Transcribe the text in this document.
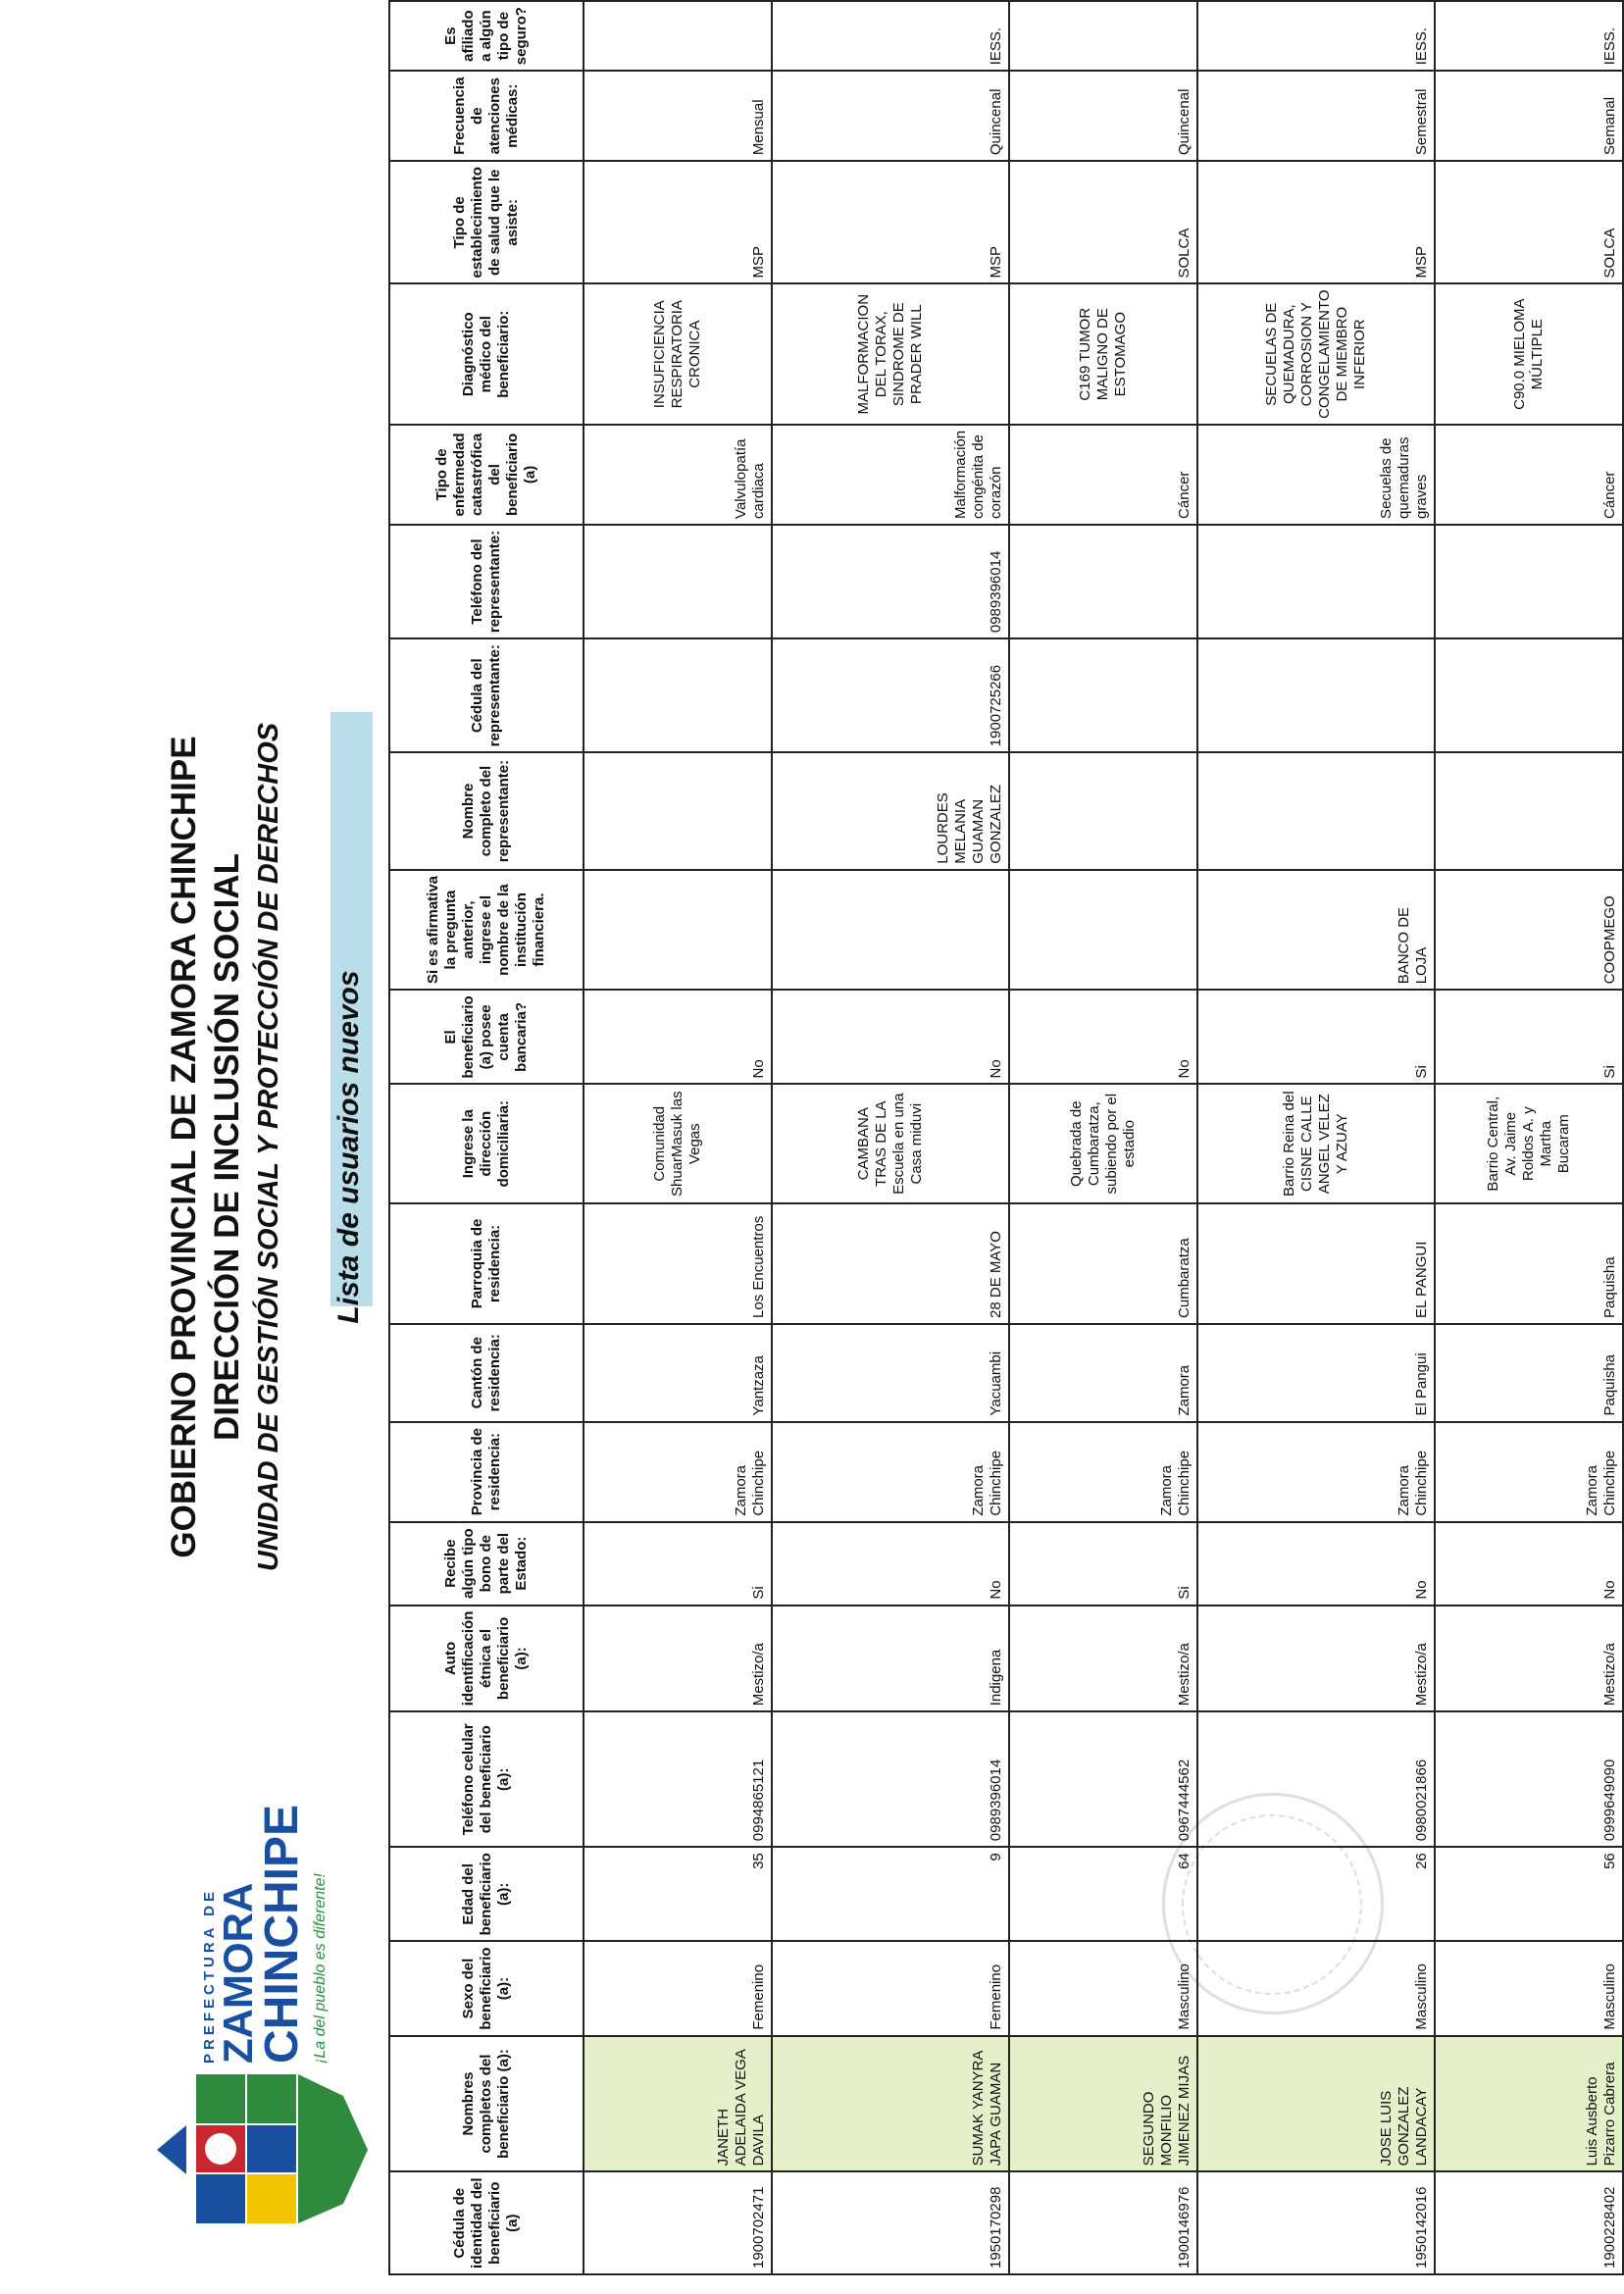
PREFECTURA DE
ZAMORA
CHINCHIPE ¡La del pueblo es diferente!
GOBIERNO PROVINCIAL DE ZAMORA CHINCHIPE DIRECCIÓN DE INCLUSIÓN SOCIAL UNIDAD DE GESTIÓN SOCIAL Y PROTECCIÓN DE DERECHOS Lista de usuarios nuevos
Cédula de identidad del beneficiario (a)	Nombres completos del beneficiario (a):	Sexo del beneficiario (a):	Edad del beneficiario (a):	Teléfono celular del beneficiario (a):	Auto identificación étnica el beneficiario (a):	Recibe algún tipo bono de parte del Estado:	Provincia de residencia:	Cantón de residencia:	Parroquia de residencia:	Ingrese la dirección domiciliaria:	El beneficiario (a) posee cuenta bancaria?	Si es afirmativa la pregunta anterior, ingrese el nombre de la institución financiera.	Nombre completo del representante:	Cédula del representante:	Teléfono del representante:	Tipo de enfermedad catastrófica del beneficiario (a)	Diagnóstico médico del beneficiario:	Tipo de establecimiento de salud que le asiste:	Frecuencia de atenciones médicas:	Es afiliado a algún tipo de seguro?
1900702471	JANETH ADELAIDA VEGA DAVILA	Femenino	35	0994865121	Mestizo/a	Si	Zamora Chinchipe	Yantzaza	Los Encuentros	Comunidad ShuarMasuk las Vegas	No					Valvulopatía cardiaca	INSUFICIENCIA RESPIRATORIA CRONICA	MSP	Mensual	
1950170298	SUMAK YANYRA JAPA GUAMAN	Femenino	9	0989396014	Indigena	No	Zamora Chinchipe	Yacuambi	28 DE MAYO	CAMBANA TRAS DE LA Escuela en una Casa miduvi	No		LOURDES MELANIA GUAMAN GONZALEZ	1900725266	0989396014	Malformación congénita de corazón	MALFORMACION DEL TORAX, SINDROME DE PRADER WILL	MSP	Quincenal	IESS.
1900146976	SEGUNDO MONFILIO JIMENEZ MIJAS	Masculino	64	0967444562	Mestizo/a	Si	Zamora Chinchipe	Zamora	Cumbaratza	Quebrada de Cumbaratza, subiendo por el estadio	No					Cáncer	C169 TUMOR MALIGNO DE ESTOMAGO	SOLCA	Quincenal	
1950142016	JOSE LUIS GONZALEZ LANDACAY	Masculino	26	0980021866	Mestizo/a	No	Zamora Chinchipe	El Pangui	EL PANGUI	Barrio Reina del CISNE CALLE ANGEL VELEZ Y AZUAY	Si	BANCO DE LOJA				Secuelas de quemaduras graves	SECUELAS DE QUEMADURA, CORROSION Y CONGELAMIENTO DE MIEMBRO INFERIOR	MSP	Semestral	IESS.
1900228402	Luis Ausberto Pizarro Cabrera	Masculino	56	0999649090	Mestizo/a	No	Zamora Chinchipe	Paquisha	Paquisha	Barrio Central, Av. Jaime Roldos A. y Martha Bucaram	Si	COOPMEGO				Cáncer	C90.0 MIELOMA MÚLTIPLE	SOLCA	Semanal	IESS.
